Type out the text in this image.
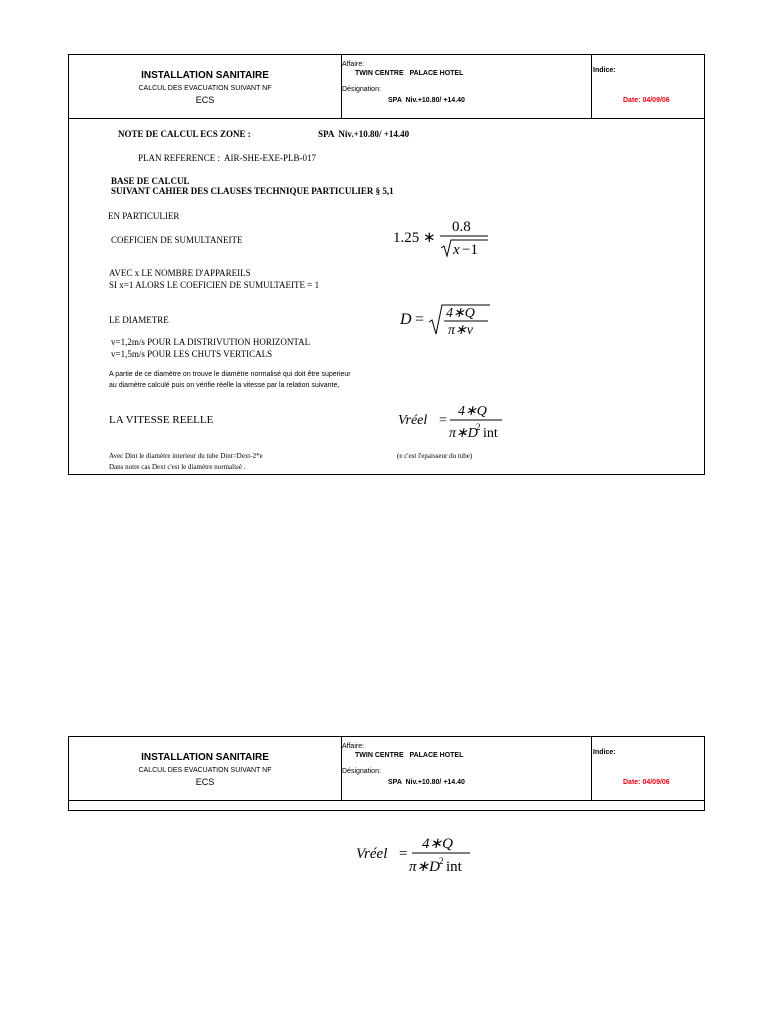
INSTALLATION SANITAIRE
CALCUL DES EVACUATION SUIVANT NF
ECS
Affaire:
TWIN CENTRE   PALACE HOTEL
Désignation:
SPA  Niv.+10.80/ +14.40
Indice:
Date: 04/09/06
NOTE DE CALCUL ECS ZONE :	SPA  Niv.+10.80/ +14.40
PLAN REFERENCE :  AIR-SHE-EXE-PLB-017
BASE DE CALCUL
SUIVANT CAHIER DES CLAUSES TECHNIQUE PARTICULIER § 5,1
EN PARTICULIER
COEFICIEN DE SUMULTANEITE
AVEC x LE NOMBRE D'APPAREILS
SI x=1 ALORS LE COEFICIEN DE SUMULTAEITE = 1
LE DIAMETRE
v=1,2m/s POUR LA DISTRIVUTION HORIZONTAL
v=1,5m/s POUR LES CHUTS VERTICALS
A partie de ce diamètre on trouve le diamètre normalisé qui doit être superieur
au diamètre calculé puis on vérifie réelle la vitesse par la relation suivante,
LA VITESSE REELLE
Avec Dint le diamètre interieur du tube Dint=Dext-2*e
Dans notre cas Dext c'est le diamètre normalisé .
(e c'est l'epaisseur du tube)
1.25 ∗
0.8
x −1
D = 4∗Q
π∗v
Vréel =
4∗Q
π∗D
2 int
INSTALLATION SANITAIRE
CALCUL DES EVACUATION SUIVANT NF
ECS
Affaire:
TWIN CENTRE   PALACE HOTEL
Désignation:
SPA  Niv.+10.80/ +14.40
Indice:
Date: 04/09/06
Vréel =
4∗Q
π∗D 2 int
